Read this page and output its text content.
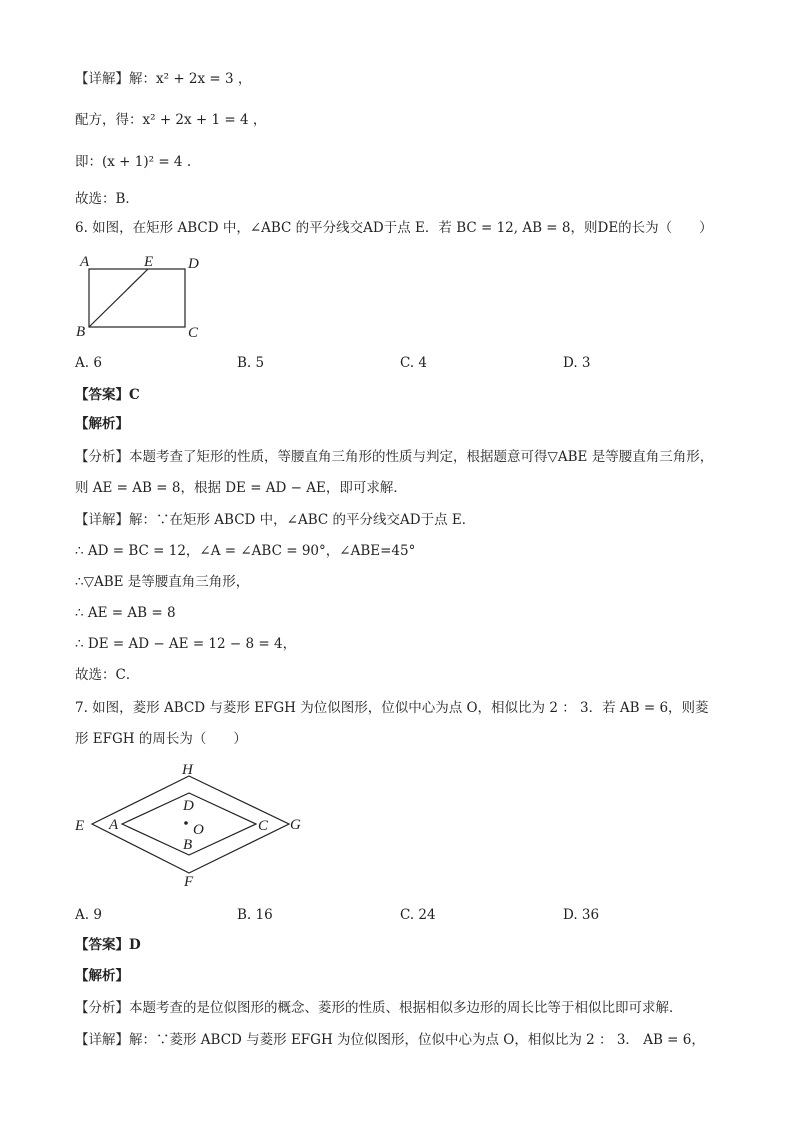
【详解】解：x² + 2x = 3 ，
配方，得：x² + 2x + 1 = 4 ，
即：(x + 1)² = 4 .
故选：B．
6. 如图，在矩形 ABCD 中，∠ABC 的平分线交AD于点 E．若 BC = 12, AB = 8，则DE的长为（　　）
A	E D
B	C
A. 6	B. 5	C. 4	D. 3
【答案】C
【解析】
【分析】本题考查了矩形的性质，等腰直角三角形的性质与判定，根据题意可得▽ABE 是等腰直角三角形，
则 AE = AB = 8，根据 DE = AD − AE，即可求解．
【详解】解：∵在矩形 ABCD 中，∠ABC 的平分线交AD于点 E．
∴ AD = BC = 12，∠A = ∠ABC = 90°，∠ABE=45°
∴▽ABE 是等腰直角三角形，
∴ AE = AB = 8
∴ DE = AD − AE = 12 − 8 = 4，
故选：C．
7. 如图，菱形 ABCD 与菱形 EFGH 为位似图形，位似中心为点 O，相似比为 2 ： 3．若 AB = 6，则菱
形 EFGH 的周长为（　　）
H
D
E A	O	C G
B
F
A. 9	B. 16	C. 24	D. 36
【答案】D
【解析】
【分析】本题考查的是位似图形的概念、菱形的性质、根据相似多边形的周长比等于相似比即可求解．
【详解】解：∵菱形 ABCD 与菱形 EFGH 为位似图形，位似中心为点 O，相似比为 2 ： 3． AB = 6，
